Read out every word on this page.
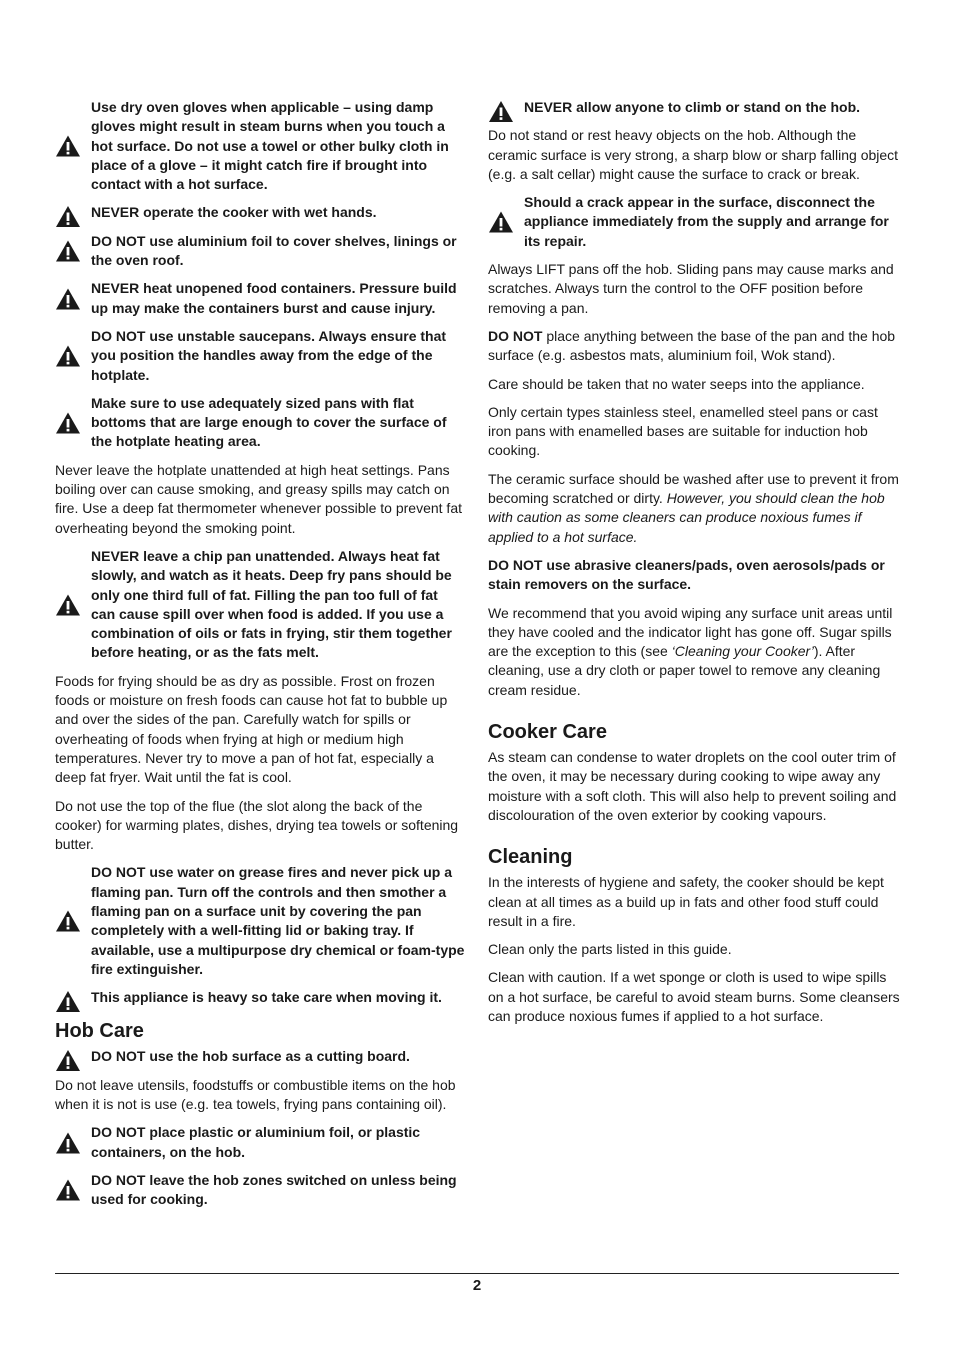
Use dry oven gloves when applicable – using damp gloves might result in steam burns when you touch a hot surface. Do not use a towel or other bulky cloth in place of a glove – it might catch fire if brought into contact with a hot surface.
NEVER operate the cooker with wet hands.
DO NOT use aluminium foil to cover shelves, linings or the oven roof.
NEVER heat unopened food containers. Pressure build up may make the containers burst and cause injury.
DO NOT use unstable saucepans. Always ensure that you position the handles away from the edge of the hotplate.
Make sure to use adequately sized pans with flat bottoms that are large enough to cover the surface of the hotplate heating area.

Never leave the hotplate unattended at high heat settings. Pans boiling over can cause smoking, and greasy spills may catch on fire. Use a deep fat thermometer whenever possible to prevent fat overheating beyond the smoking point.

NEVER leave a chip pan unattended. Always heat fat slowly, and watch as it heats. Deep fry pans should be only one third full of fat. Filling the pan too full of fat can cause spill over when food is added. If you use a combination of oils or fats in frying, stir them together before heating, or as the fats melt.

Foods for frying should be as dry as possible. Frost on frozen foods or moisture on fresh foods can cause hot fat to bubble up and over the sides of the pan. Carefully watch for spills or overheating of foods when frying at high or medium high temperatures. Never try to move a pan of hot fat, especially a deep fat fryer. Wait until the fat is cool.

Do not use the top of the flue (the slot along the back of the cooker) for warming plates, dishes, drying tea towels or softening butter.

DO NOT use water on grease fires and never pick up a flaming pan. Turn off the controls and then smother a flaming pan on a surface unit by covering the pan completely with a well-fitting lid or baking tray. If available, use a multipurpose dry chemical or foam-type fire extinguisher.
This appliance is heavy so take care when moving it.
Hob Care
DO NOT use the hob surface as a cutting board.

Do not leave utensils, foodstuffs or combustible items on the hob when it is not is use (e.g. tea towels, frying pans containing oil).

DO NOT place plastic or aluminium foil, or plastic containers, on the hob.
DO NOT leave the hob zones switched on unless being used for cooking.
NEVER allow anyone to climb or stand on the hob.

Do not stand or rest heavy objects on the hob. Although the ceramic surface is very strong, a sharp blow or sharp falling object (e.g. a salt cellar) might cause the surface to crack or break.

Should a crack appear in the surface, disconnect the appliance immediately from the supply and arrange for its repair.

Always LIFT pans off the hob. Sliding pans may cause marks and scratches. Always turn the control to the OFF position before removing a pan.

DO NOT place anything between the base of the pan and the hob surface (e.g. asbestos mats, aluminium foil, Wok stand).

Care should be taken that no water seeps into the appliance.

Only certain types stainless steel, enamelled steel pans or cast iron pans with enamelled bases are suitable for induction hob cooking.

The ceramic surface should be washed after use to prevent it from becoming scratched or dirty. However, you should clean the hob with caution as some cleaners can produce noxious fumes if applied to a hot surface.

DO NOT use abrasive cleaners/pads, oven aerosols/pads or stain removers on the surface.

We recommend that you avoid wiping any surface unit areas until they have cooled and the indicator light has gone off. Sugar spills are the exception to this (see ‘Cleaning your Cooker’). After cleaning, use a dry cloth or paper towel to remove any cleaning cream residue.

Cooker Care

As steam can condense to water droplets on the cool outer trim of the oven, it may be necessary during cooking to wipe away any moisture with a soft cloth. This will also help to prevent soiling and discolouration of the oven exterior by cooking vapours.

Cleaning

In the interests of hygiene and safety, the cooker should be kept clean at all times as a build up in fats and other food stuff could result in a fire.

Clean only the parts listed in this guide.

Clean with caution. If a wet sponge or cloth is used to wipe spills on a hot surface, be careful to avoid steam burns. Some cleansers can produce noxious fumes if applied to a hot surface.

2
